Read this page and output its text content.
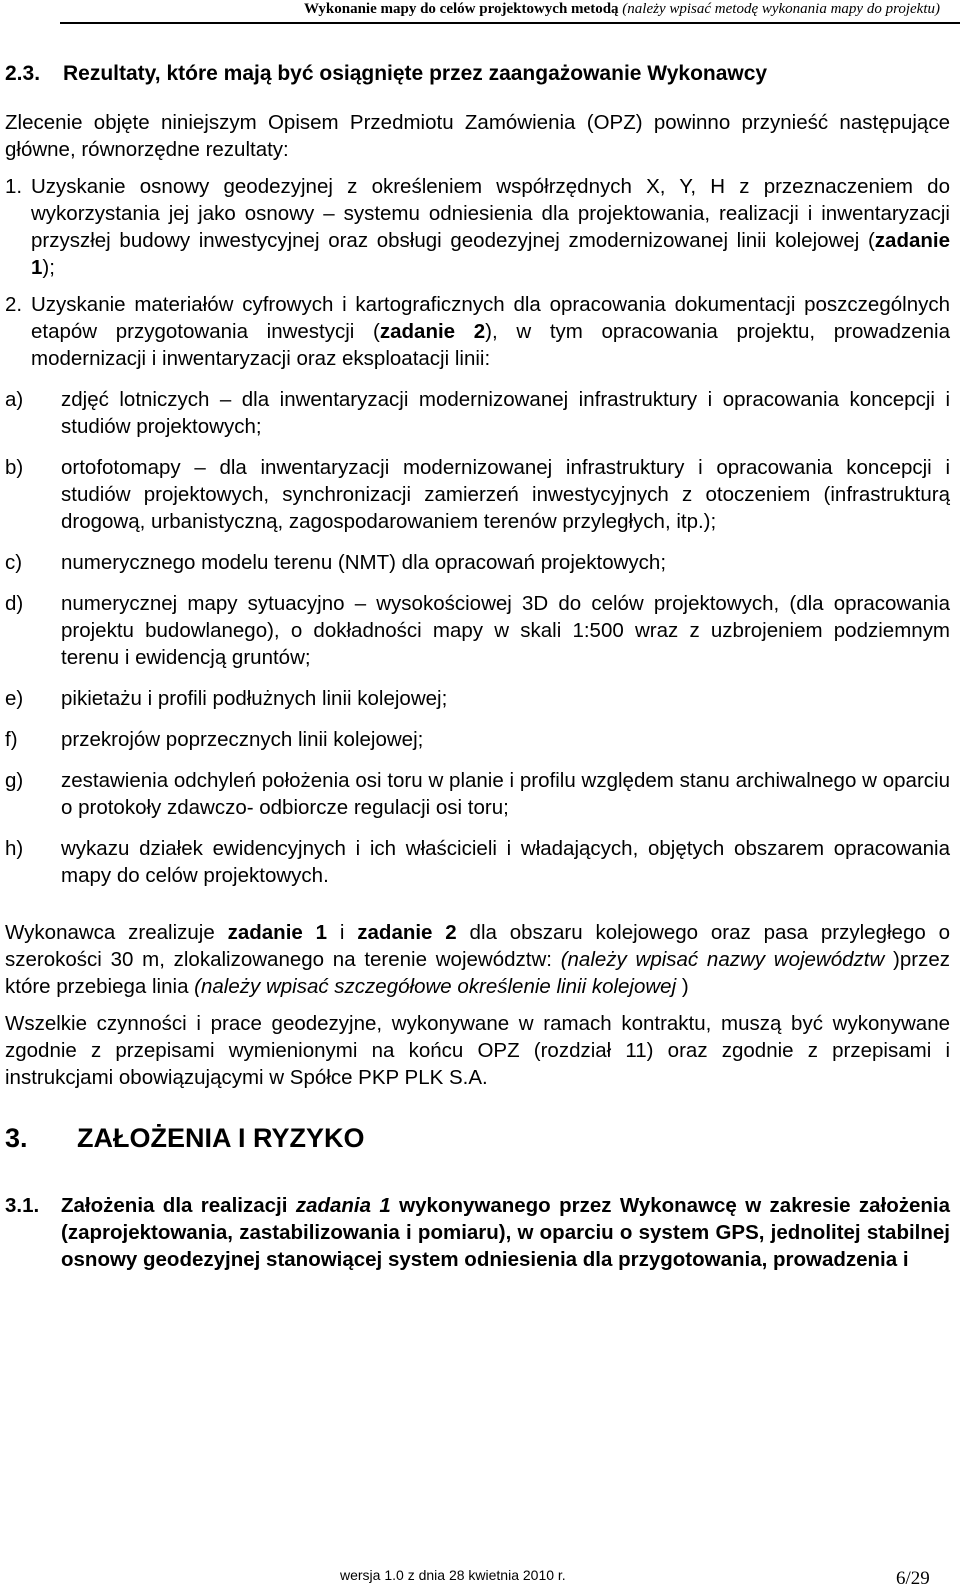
Wykonanie mapy do celów projektowych metodą (należy wpisać metodę wykonania mapy do projektu)
2.3.	Rezultaty, które mają być osiągnięte przez zaangażowanie Wykonawcy

Zlecenie objęte niniejszym Opisem Przedmiotu Zamówienia (OPZ) powinno przynieść następujące główne, równorzędne rezultaty:

1. Uzyskanie osnowy geodezyjnej z określeniem współrzędnych X, Y, H z przeznaczeniem do wykorzystania jej jako osnowy – systemu odniesienia dla projektowania, realizacji i inwentaryzacji przyszłej budowy inwestycyjnej oraz obsługi geodezyjnej zmodernizowanej linii kolejowej (zadanie 1);
2. Uzyskanie materiałów cyfrowych i kartograficznych dla opracowania dokumentacji poszczególnych etapów przygotowania inwestycji (zadanie 2), w tym opracowania projektu, prowadzenia modernizacji i inwentaryzacji oraz eksploatacji linii:
a)	zdjęć lotniczych – dla inwentaryzacji modernizowanej infrastruktury i opracowania koncepcji i studiów projektowych;
b)	ortofotomapy – dla inwentaryzacji modernizowanej infrastruktury i opracowania koncepcji i studiów projektowych, synchronizacji zamierzeń inwestycyjnych z otoczeniem (infrastrukturą drogową, urbanistyczną, zagospodarowaniem terenów przyległych, itp.);
c)	numerycznego modelu terenu (NMT) dla opracowań projektowych;
d)	numerycznej mapy sytuacyjno – wysokościowej 3D do celów projektowych, (dla opracowania projektu budowlanego), o dokładności mapy w skali 1:500 wraz z uzbrojeniem podziemnym terenu i ewidencją gruntów;
e)	pikietażu i profili podłużnych linii kolejowej;
f)	przekrojów poprzecznych linii kolejowej;
g)	zestawienia odchyleń położenia osi toru w planie i profilu względem stanu archiwalnego w oparciu o protokoły zdawczo- odbiorcze regulacji osi toru;
h)	wykazu działek ewidencyjnych i ich właścicieli i władających, objętych obszarem opracowania mapy do celów projektowych.

Wykonawca zrealizuje zadanie 1 i zadanie 2 dla obszaru kolejowego oraz pasa przyległego o szerokości 30 m, zlokalizowanego na terenie województw: (należy wpisać nazwy województw )przez które przebiega linia (należy wpisać szczegółowe określenie linii kolejowej )

Wszelkie czynności i prace geodezyjne, wykonywane w ramach kontraktu, muszą być wykonywane zgodnie z przepisami wymienionymi na końcu OPZ (rozdział 11) oraz zgodnie z przepisami i instrukcjami obowiązującymi w Spółce PKP PLK S.A.

3.	ZAŁOŻENIA I RYZYKO
3.1.	Założenia dla realizacji zadania 1 wykonywanego przez Wykonawcę w zakresie założenia (zaprojektowania, zastabilizowania i pomiaru), w oparciu o system GPS, jednolitej stabilnej osnowy geodezyjnej stanowiącej system odniesienia dla przygotowania, prowadzenia i
wersja 1.0 z dnia 28 kwietnia 2010 r.	6/29
